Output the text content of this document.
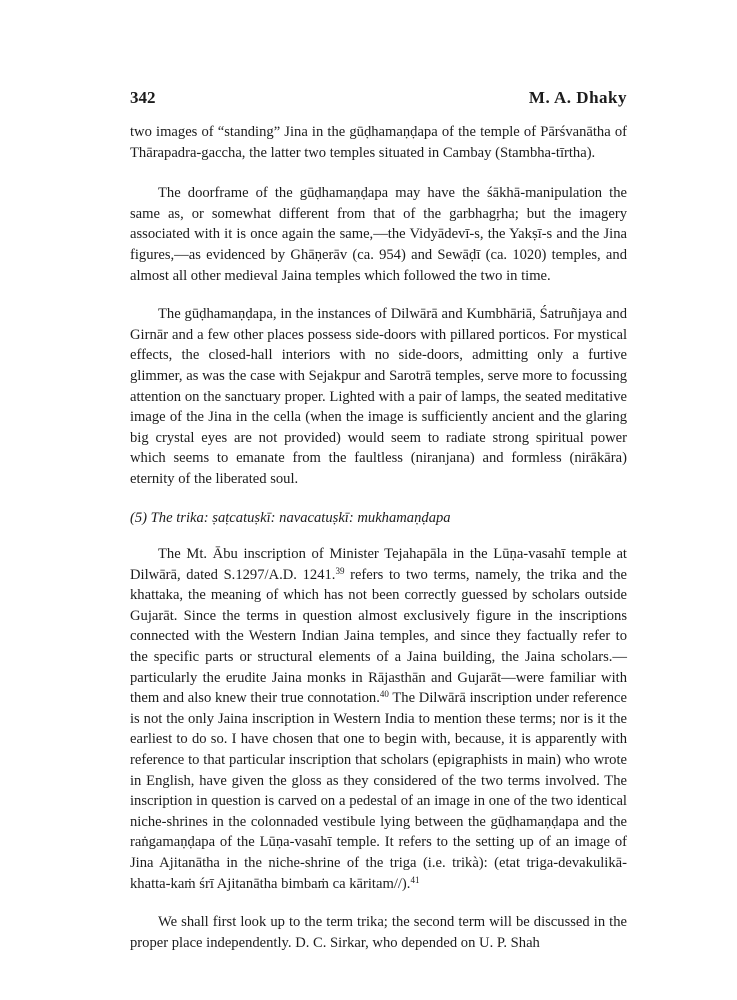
342	M. A. Dhaky

two images of “standing” Jina in the gūḍhamaṇḍapa of the temple of Pārśvanātha of Thārapadra-gaccha, the latter two temples situated in Cambay (Stambha-tīrtha).

The doorframe of the gūḍhamaṇḍapa may have the śākhā-manipulation the same as, or somewhat different from that of the garbhagṛha; but the imagery associated with it is once again the same,—the Vidyādevī-s, the Yakṣī-s and the Jina figures,—as evidenced by Ghāṇerāv (ca. 954) and Sewāḍī (ca. 1020) temples, and almost all other medieval Jaina temples which followed the two in time.

The gūḍhamaṇḍapa, in the instances of Dilwārā and Kumbhāriā, Śatruñjaya and Girnār and a few other places possess side-doors with pillared porticos. For mystical effects, the closed-hall interiors with no side-doors, admitting only a furtive glimmer, as was the case with Sejakpur and Sarotrā temples, serve more to focussing attention on the sanctuary proper. Lighted with a pair of lamps, the seated meditative image of the Jina in the cella (when the image is sufficiently ancient and the glaring big crystal eyes are not provided) would seem to radiate strong spiritual power which seems to emanate from the faultless (niranjana) and formless (nirākāra) eternity of the liberated soul.

(5) The trika: ṣaṭcatuṣkī: navacatuṣkī: mukhamaṇḍapa

The Mt. Ābu inscription of Minister Tejahapāla in the Lūṇa-vasahī temple at Dilwārā, dated S.1297/A.D. 1241.39 refers to two terms, namely, the trika and the khattaka, the meaning of which has not been correctly guessed by scholars outside Gujarāt. Since the terms in question almost exclusively figure in the inscriptions connected with the Western Indian Jaina temples, and since they factually refer to the specific parts or structural elements of a Jaina building, the Jaina scholars.—particularly the erudite Jaina monks in Rājasthān and Gujarāt—were familiar with them and also knew their true connotation.$^{40}$ The Dilwārā inscription under reference is not the only Jaina inscription in Western India to mention these terms; nor is it the earliest to do so. I have chosen that one to begin with, because, it is apparently with reference to that particular inscription that scholars (epigraphists in main) who wrote in English, have given the gloss as they considered of the two terms involved. The inscription in question is carved on a pedestal of an image in one of the two identical niche-shrines in the colonnaded vestibule lying between the gūḍhamaṇḍapa and the raṅgamaṇḍapa of the Lūṇa-vasahī temple. It refers to the setting up of an image of Jina Ajitanātha in the niche-shrine of the triga (i.e. trikà): (etat triga-devakulikā-khatta-kaṁ śrī Ajitanātha bimbaṁ ca kāritam//).$^{41}$

We shall first look up to the term trika; the second term will be discussed in the proper place independently. D. C. Sirkar, who depended on U. P. Shah
